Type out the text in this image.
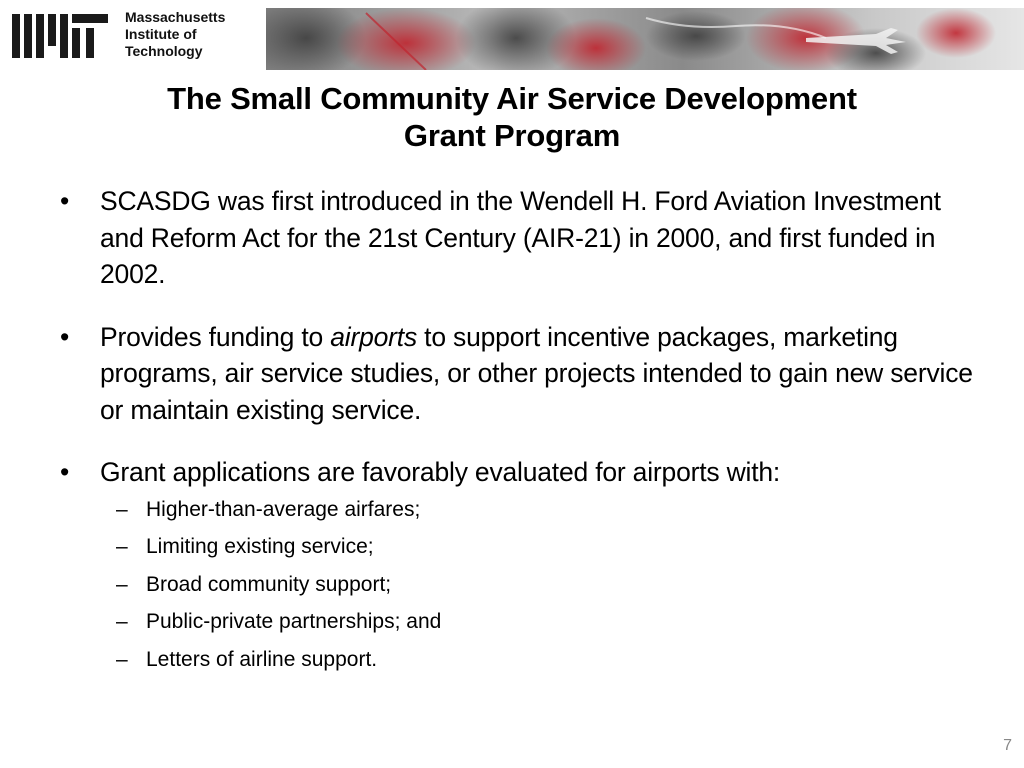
Massachusetts
Institute of
Technology
The Small Community Air Service Development
Grant Program
•	SCASDG was first introduced in the Wendell H. Ford Aviation Investment and Reform Act for the 21st Century (AIR-21) in 2000, and first funded in 2002.
•	Provides funding to airports to support incentive packages, marketing programs, air service studies, or other projects intended to gain new service or maintain existing service.
•	Grant applications are favorably evaluated for airports with:
– Higher-than-average airfares;
– Limiting existing service;
– Broad community support;
– Public-private partnerships; and
– Letters of airline support.
7
